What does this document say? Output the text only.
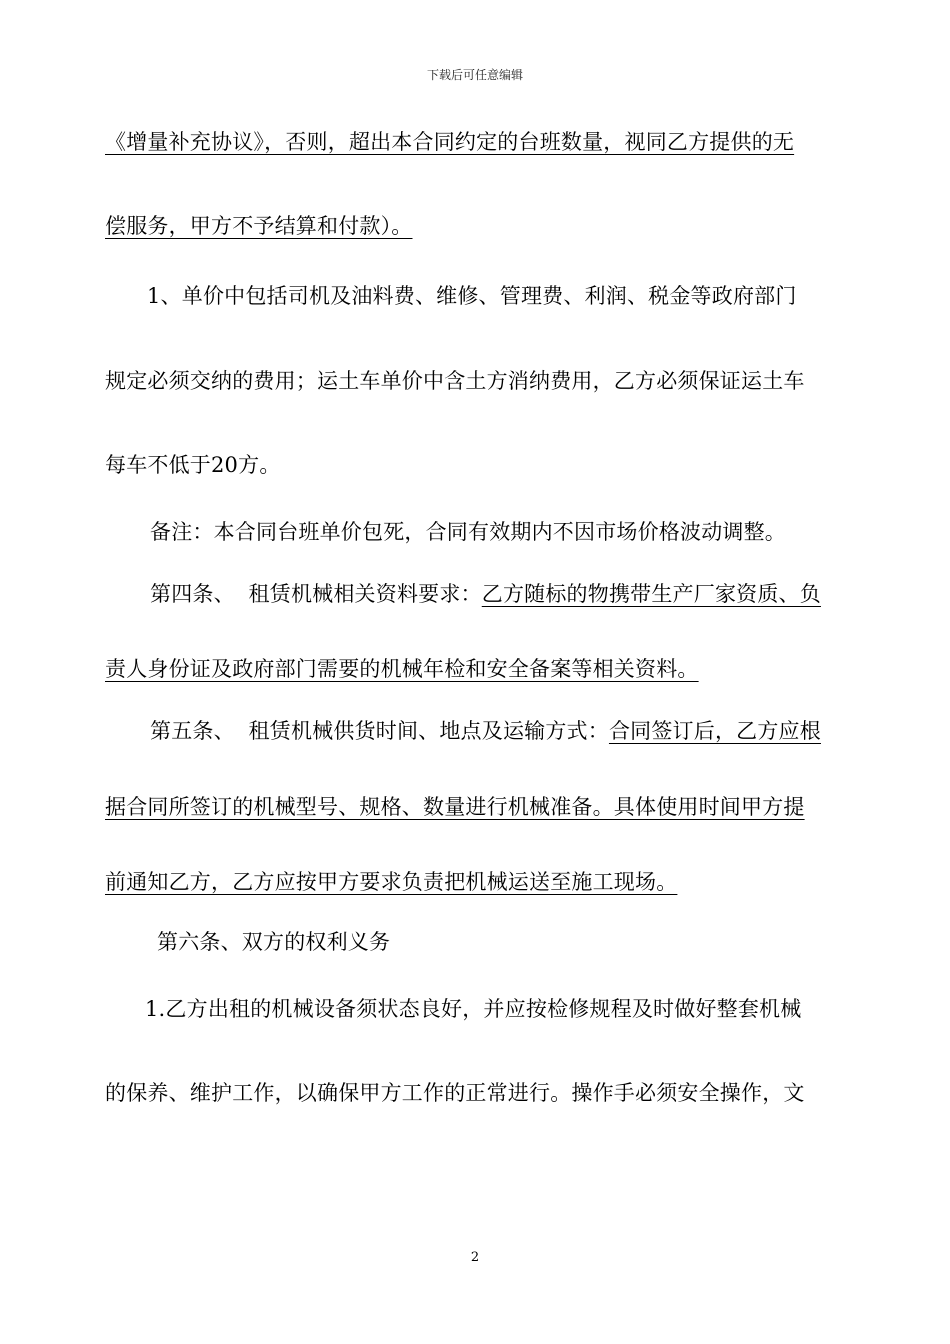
下载后可任意编辑
《增量补充协议》，否则，超出本合同约定的台班数量，视同乙方提供的无
偿服务，甲方不予结算和付款）。
1、单价中包括司机及油料费、维修、管理费、利润、税金等政府部门
规定必须交纳的费用；运土车单价中含土方消纳费用，乙方必须保证运土车
每车不低于20方。
备注：本合同台班单价包死，合同有效期内不因市场价格波动调整。
第四条、  租赁机械相关资料要求：乙方随标的物携带生产厂家资质、负
责人身份证及政府部门需要的机械年检和安全备案等相关资料。
第五条、  租赁机械供货时间、地点及运输方式：合同签订后，乙方应根
据合同所签订的机械型号、规格、数量进行机械准备。具体使用时间甲方提
前通知乙方，乙方应按甲方要求负责把机械运送至施工现场。
第六条、双方的权利义务
1.乙方出租的机械设备须状态良好，并应按检修规程及时做好整套机械
的保养、维护工作，以确保甲方工作的正常进行。操作手必须安全操作，文
2
